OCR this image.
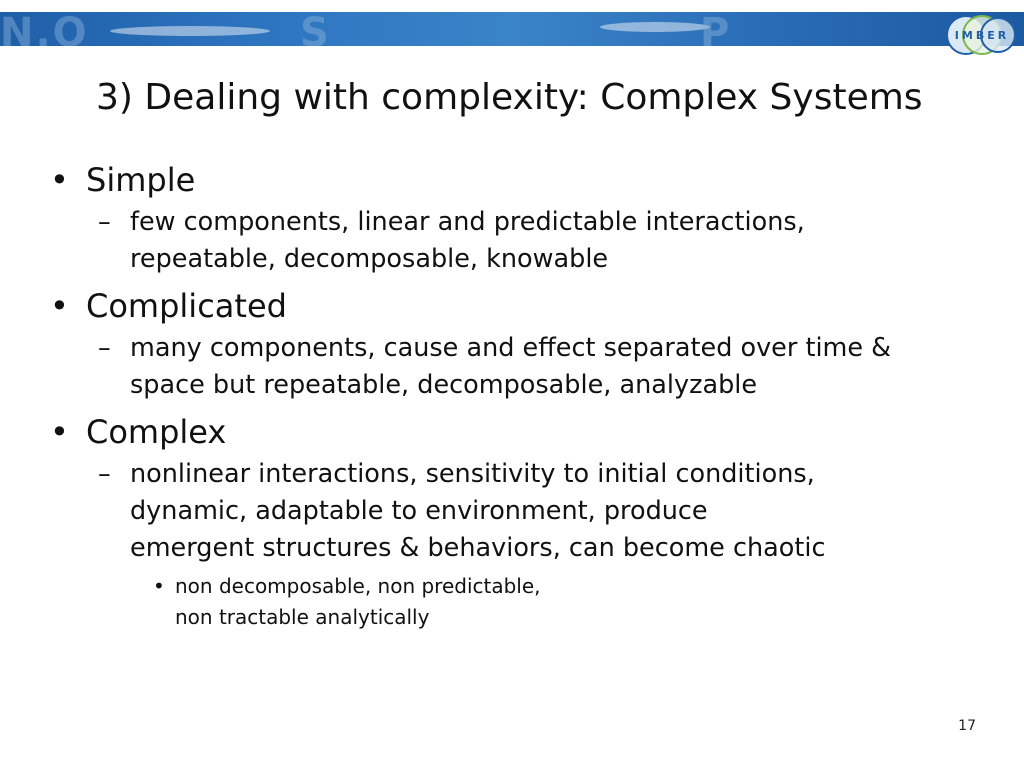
N.O	S	P	IMBER
3) Dealing with complexity: Complex Systems
• Simple
– few components, linear and predictable interactions,
repeatable, decomposable, knowable
• Complicated
– many components, cause and effect separated over time &
space but repeatable, decomposable, analyzable
• Complex
– nonlinear interactions, sensitivity to initial conditions,
dynamic, adaptable to environment, produce
emergent structures & behaviors, can become chaotic
• non decomposable, non predictable,
non tractable analytically
17
